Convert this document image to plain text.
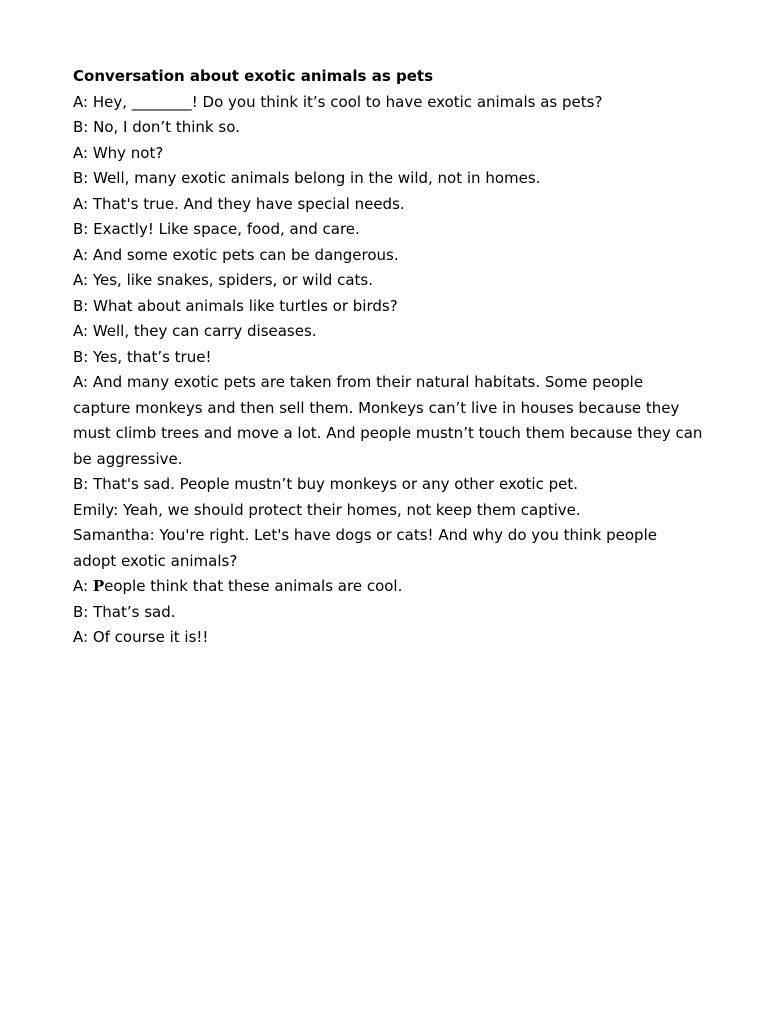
Conversation about exotic animals as pets

A: Hey, ________! Do you think it’s cool to have exotic animals as pets?

B: No, I don’t think so.

A: Why not?

B: Well, many exotic animals belong in the wild, not in homes.

A: That's true. And they have special needs.

B: Exactly! Like space, food, and care.

A: And some exotic pets can be dangerous.

A: Yes, like snakes, spiders, or wild cats.

B: What about animals like turtles or birds?

A: Well, they can carry diseases.

B: Yes, that’s true!

A: And many exotic pets are taken from their natural habitats. Some people capture monkeys and then sell them. Monkeys can’t live in houses because they must climb trees and move a lot. And people mustn’t touch them because they can be aggressive.

B: That's sad. People mustn’t buy monkeys or any other exotic pet.

Emily: Yeah, we should protect their homes, not keep them captive.

Samantha: You're right. Let's have dogs or cats! And why do you think people adopt exotic animals?

A: People think that these animals are cool.

B: That’s sad.

A: Of course it is!!
